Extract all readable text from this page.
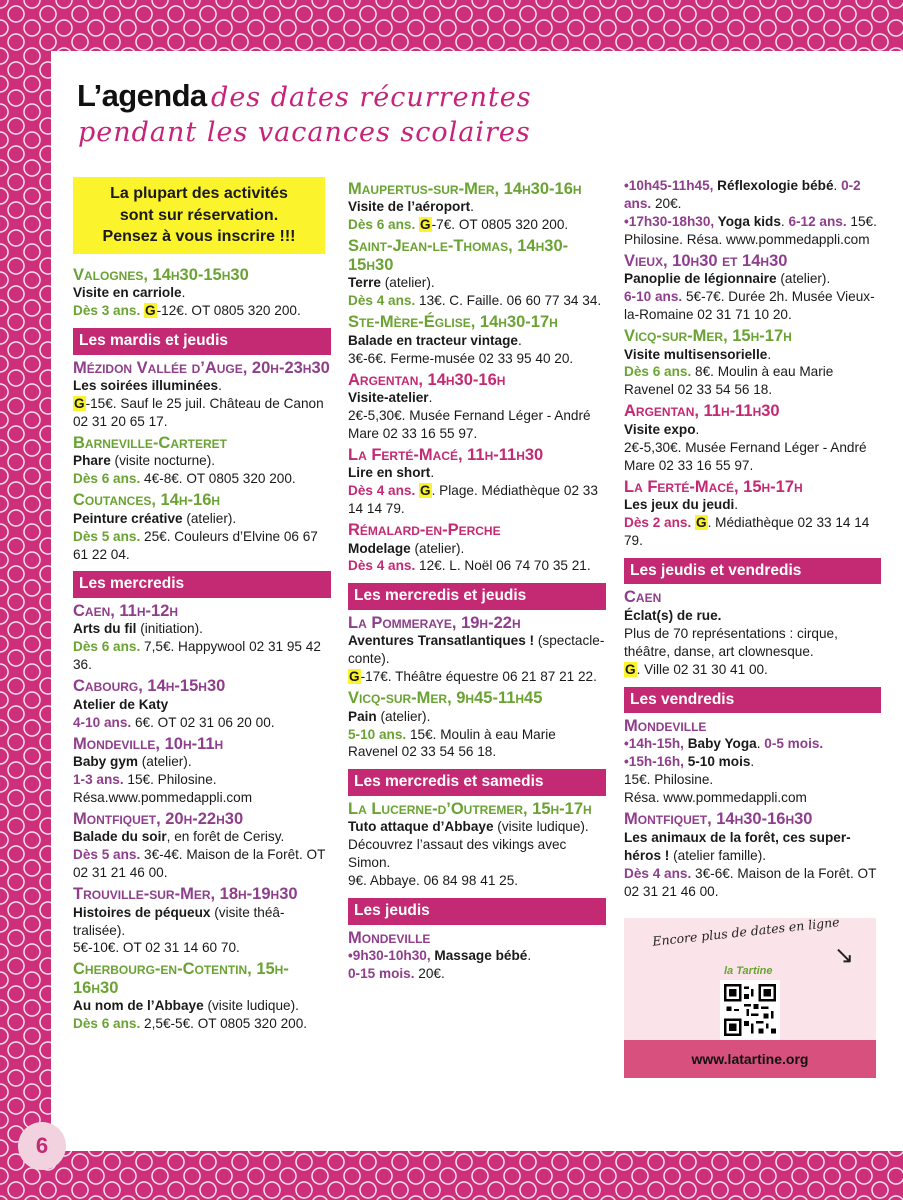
6
L’agenda des dates récurrentes
pendant les vacances scolaires
La plupart des activités
sont sur réservation.
Pensez à vous inscrire !!!
Valognes, 14h30-15h30
Visite en carriole.
Dès 3 ans. G-12€. OT 0805 320 200.
Les mardis et jeudis
Mézidon Vallée d’Auge, 20h-23h30
Les soirées illuminées.
G-15€. Sauf le 25 juil. Château de Canon 02 31 20 65 17.
Barneville-Carteret
Phare (visite nocturne).
Dès 6 ans. 4€-8€. OT 0805 320 200.
Coutances, 14h-16h
Peinture créative (atelier).
Dès 5 ans. 25€. Couleurs d’Elvine 06 67 61 22 04.
Les mercredis
Caen, 11h-12h
Arts du fil (initiation).
Dès 6 ans. 7,5€. Happywool 02 31 95 42 36.
Cabourg, 14h-15h30
Atelier de Katy
4-10 ans. 6€. OT 02 31 06 20 00.
Mondeville, 10h-11h
Baby gym (atelier).
1-3 ans. 15€. Philosine.
Résa.www.pommedappli.com
Montfiquet, 20h-22h30
Balade du soir, en forêt de Cerisy.
Dès 5 ans. 3€-4€. Maison de la Forêt. OT 02 31 21 46 00.
Trouville-sur-Mer, 18h-19h30
Histoires de péqueux (visite théâ-tralisée).
5€-10€. OT 02 31 14 60 70.
Cherbourg-en-Cotentin, 15h-16h30
Au nom de l’Abbaye (visite ludique).
Dès 6 ans. 2,5€-5€. OT 0805 320 200.
Maupertus-sur-Mer, 14h30-16h
Visite de l’aéroport.
Dès 6 ans. G-7€. OT 0805 320 200.
Saint-Jean-le-Thomas, 14h30-15h30
Terre (atelier).
Dès 4 ans. 13€. C. Faille. 06 60 77 34 34.
Ste-Mère-Église, 14h30-17h
Balade en tracteur vintage.
3€-6€. Ferme-musée 02 33 95 40 20.
Argentan, 14h30-16h
Visite-atelier.
2€-5,30€. Musée Fernand Léger - André Mare 02 33 16 55 97.
La Ferté-Macé, 11h-11h30
Lire en short.
Dès 4 ans. G. Plage. Médiathèque 02 33 14 14 79.
Rémalard-en-Perche
Modelage (atelier).
Dès 4 ans. 12€. L. Noël 06 74 70 35 21.
Les mercredis et jeudis
La Pommeraye, 19h-22h
Aventures Transatlantiques ! (spectacle-conte).
G-17€. Théâtre équestre 06 21 87 21 22.
Vicq-sur-Mer, 9h45-11h45
Pain (atelier).
5-10 ans. 15€. Moulin à eau Marie Ravenel 02 33 54 56 18.
Les mercredis et samedis
La Lucerne-d’Outremer, 15h-17h
Tuto attaque d’Abbaye (visite ludique).
Découvrez l’assaut des vikings avec Simon.
9€. Abbaye. 06 84 98 41 25.
Les jeudis
Mondeville
•9h30-10h30, Massage bébé.
0-15 mois. 20€.
•10h45-11h45, Réflexologie bébé. 0-2 ans. 20€.
•17h30-18h30, Yoga kids. 6-12 ans. 15€.
Philosine. Résa. www.pommedappli.com
Vieux, 10h30 et 14h30
Panoplie de légionnaire (atelier).
6-10 ans. 5€-7€. Durée 2h. Musée Vieux-la-Romaine 02 31 71 10 20.
Vicq-sur-Mer, 15h-17h
Visite multisensorielle.
Dès 6 ans. 8€. Moulin à eau Marie Ravenel 02 33 54 56 18.
Argentan, 11h-11h30
Visite expo.
2€-5,30€. Musée Fernand Léger - André Mare 02 33 16 55 97.
La Ferté-Macé, 15h-17h
Les jeux du jeudi.
Dès 2 ans. G. Médiathèque 02 33 14 14 79.
Les jeudis et vendredis
Caen
Éclat(s) de rue.
Plus de 70 représentations : cirque, théâtre, danse, art clownesque.
G. Ville 02 31 30 41 00.
Les vendredis
Mondeville
•14h-15h, Baby Yoga. 0-5 mois.
•15h-16h, 5-10 mois.
15€. Philosine.
Résa. www.pommedappli.com
Montfiquet, 14h30-16h30
Les animaux de la forêt, ces super-héros ! (atelier famille).
Dès 4 ans. 3€-6€. Maison de la Forêt. OT 02 31 21 46 00.
Encore plus de dates en ligne
↘
la Tartine
www.latartine.org
